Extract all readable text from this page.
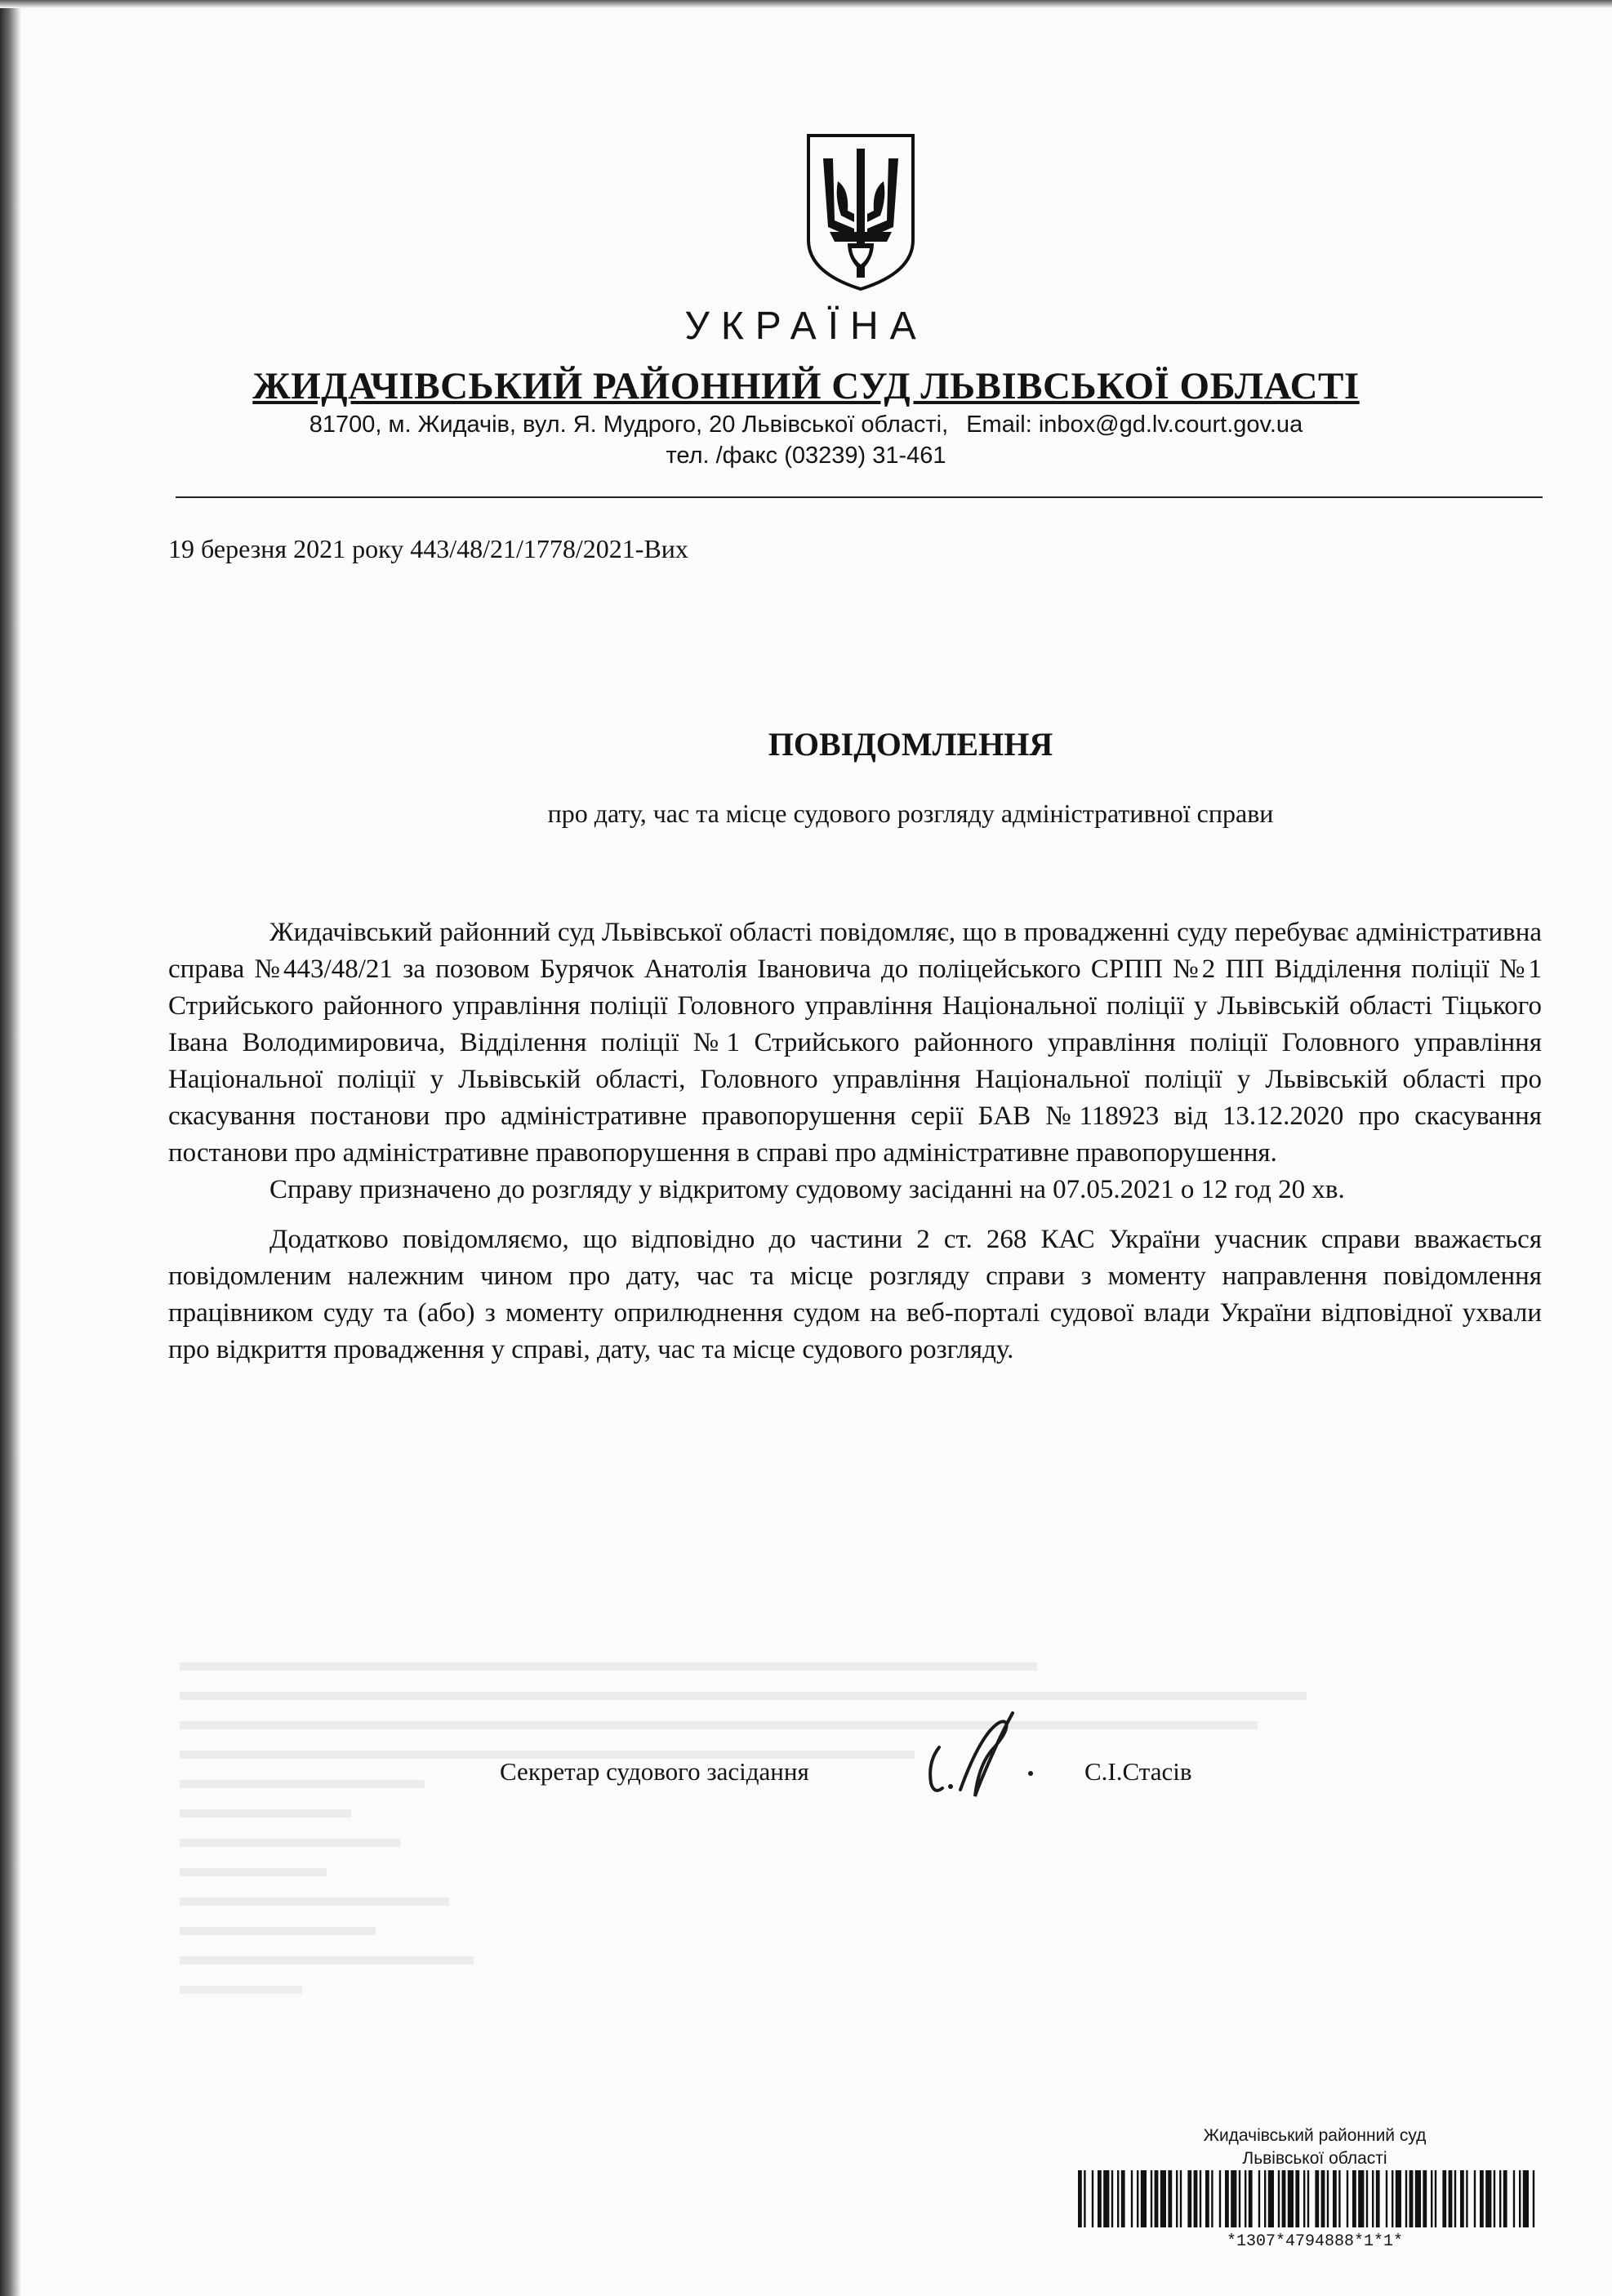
УКРАЇНА
ЖИДАЧІВСЬКИЙ РАЙОННИЙ СУД ЛЬВІВСЬКОЇ ОБЛАСТІ
81700, м. Жидачів, вул. Я. Мудрого, 20 Львівської області, Email: inbox@gd.lv.court.gov.ua
тел. /факс (03239) 31-461
19 березня 2021 року 443/48/21/1778/2021-Вих
ПОВІДОМЛЕННЯ
про дату, час та місце судового розгляду адміністративної справи

Жидачівський районний суд Львівської області повідомляє, що в провадженні суду перебуває адміністративна справа №443/48/21 за позовом Бурячок Анатолія Івановича до поліцейського СРПП №2 ПП Відділення поліції №1 Стрийського районного управління поліції Головного управління Національної поліції у Львівській області Тіцького Івана Володимировича, Відділення поліції №1 Стрийського районного управління поліції Головного управління Національної поліції у Львівській області, Головного управління Національної поліції у Львівській області про скасування постанови про адміністративне правопорушення серії БАВ №118923 від 13.12.2020 про скасування постанови про адміністративне правопорушення в справі про адміністративне правопорушення.

Справу призначено до розгляду у відкритому судовому засіданні на 07.05.2021 о 12 год 20 хв.

Додатково повідомляємо, що відповідно до частини 2 ст. 268 КАС України учасник справи вважається повідомленим належним чином про дату, час та місце розгляду справи з моменту направлення повідомлення працівником суду та (або) з моменту оприлюднення судом на веб-порталі судової влади України відповідної ухвали про відкриття провадження у справі, дату, час та місце судового розгляду.

Секретар судового засідання	С.І.Стасів
Жидачівський районний суд
Львівської області
*1307*4794888*1*1*
